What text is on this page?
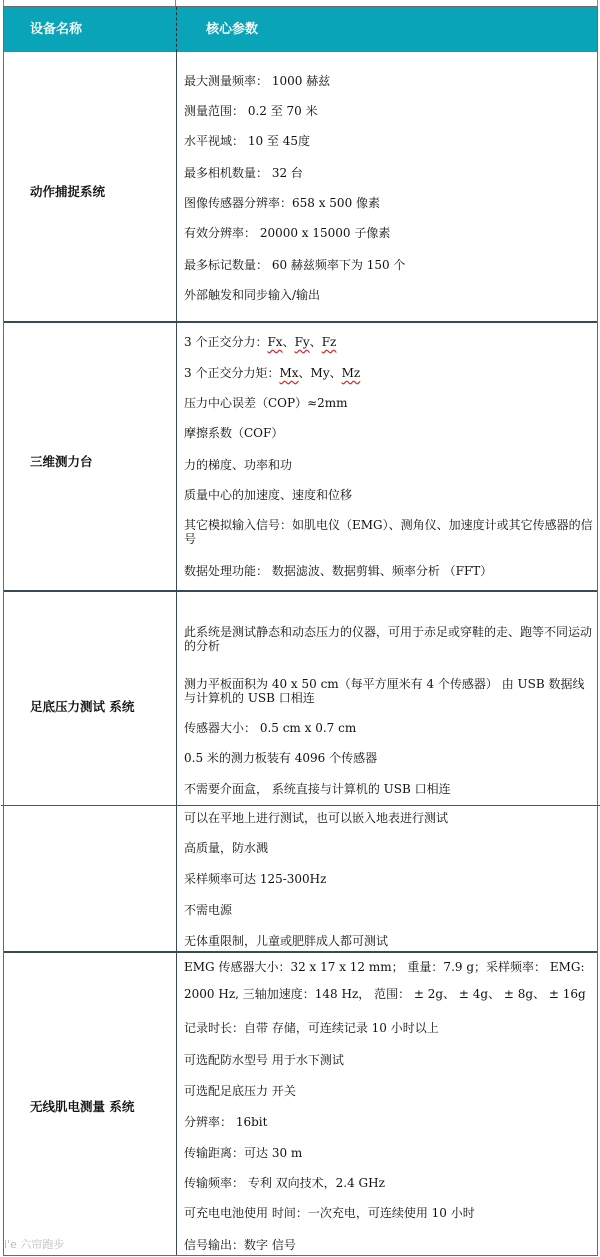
设备名称	核心参数
动作捕捉系统
最大测量频率： 1000 赫兹
测量范围： 0.2 至 70 米
水平视域： 10 至 45度
最多相机数量： 32 台
图像传感器分辨率：658 x 500 像素
有效分辨率： 20000 x 15000 子像素
最多标记数量： 60 赫兹频率下为 150 个
外部触发和同步输入/输出
三维测力台
3 个正交分力：Fx、Fy、Fz
3 个正交分力矩：Mx、My、Mz
压力中心误差（COP）≈2mm
摩擦系数（COF）
力的梯度、功率和功
质量中心的加速度、速度和位移
其它模拟输入信号：如肌电仪（EMG）、测角仪、加速度计或其它传感器的信号
数据处理功能： 数据滤波、数据剪辑、频率分析 （FFT）
足底压力测试 系统
此系统是测试静态和动态压力的仪器，可用于赤足或穿鞋的走、跑等不同运动的分析
测力平板面积为 40 x 50 cm（每平方厘米有 4 个传感器） 由 USB 数据线与计算机的 USB 口相连
传感器大小： 0.5 cm x 0.7 cm
0.5 米的测力板装有 4096 个传感器
不需要介面盒， 系统直接与计算机的 USB 口相连
可以在平地上进行测试，也可以嵌入地表进行测试
高质量，防水溅
采样频率可达 125-300Hz
不需电源
无体重限制，儿童或肥胖成人都可测试
无线肌电测量 系统
EMG 传感器大小：32 x 17 x 12 mm； 重量：7.9 g；采样频率： EMG:
2000 Hz, 三轴加速度：148 Hz， 范围： ± 2g、 ± 4g、 ± 8g、 ± 16g
记录时长：自带 存储，可连续记录 10 小时以上
可选配防水型号 用于水下测试
可选配足底压力 开关
分辨率： 16bit
传输距离：可达 30 m
传输频率： 专利 双向技术，2.4 GHz
可充电电池使用 时间：一次充电，可连续使用 10 小时
信号输出：数字 信号
i'e 六帘跑步
